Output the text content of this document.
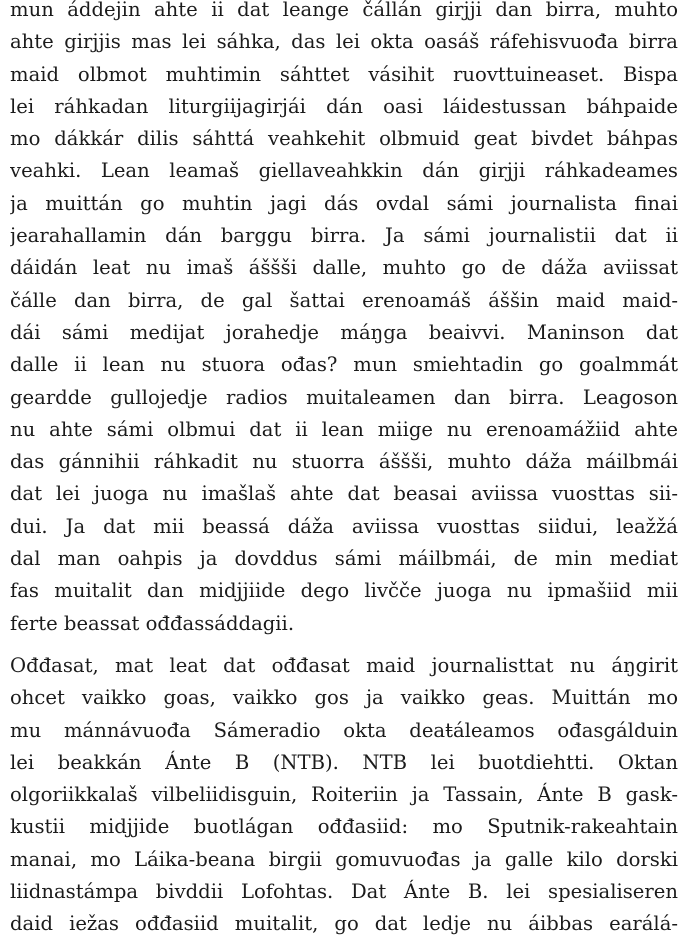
mun áddejin ahte ii dat leange čállán girjji dan birra, muhto
ahte girjjis mas lei sáhka, das lei okta oasáš ráfehisvuođa birra
maid olbmot muhtimin sáhttet vásihit ruovttuineaset. Bispa
lei ráhkadan liturgiijagirjái dán oasi láidestussan báhpaide
mo dákkár dilis sáhttá veahkehit olbmuid geat bivdet báhpas
veahki. Lean leamaš giellaveahkkin dán girjji ráhkadeames
ja muittán go muhtin jagi dás ovdal sámi journalista finai
jearahallamin dán barggu birra. Ja sámi journalistii dat ii
dáidán leat nu imaš áššši dalle, muhto go de dáža aviissat
čálle dan birra, de gal šattai erenoamáš áššin maid maid-
dái sámi medijat jorahedje máŋga beaivvi. Maninson dat
dalle ii lean nu stuora ođas? mun smiehtadin go goalmmát
geardde gullojedje radios muitaleamen dan birra. Leagoson
nu ahte sámi olbmui dat ii lean miige nu erenoamážiid ahte
das gánnihii ráhkadit nu stuorra áššši, muhto dáža máilbmái
dat lei juoga nu imašlaš ahte dat beasai aviissa vuosttas sii-
dui. Ja dat mii beassá dáža aviissa vuosttas siidui, leažžá
dal man oahpis ja dovddus sámi máilbmái, de min mediat
fas muitalit dan midjjiide dego livčče juoga nu ipmašiid mii
ferte beassat ođđassáddagii.
Ođđasat, mat leat dat ođđasat maid journalisttat nu áŋgirit
ohcet vaikko goas, vaikko gos ja vaikko geas. Muittán mo
mu mánnávuođa Sámeradio okta deaŧáleamos ođasgálduin
lei beakkán Ánte B (NTB). NTB lei buotdiehtti. Oktan
olgoriikkalaš vilbeliidisguin, Roiteriin ja Tassain, Ánte B gask-
kustii midjjide buotlágan ođđasiid: mo Sputnik-rakeahtain
manai, mo Láika-beana birgii gomuvuođas ja galle kilo dorski
liidnastámpa bivddii Lofohtas. Dat Ánte B. lei spesialiseren
daid iežas ođđasiid muitalit, go dat ledje nu áibbas earálá-
